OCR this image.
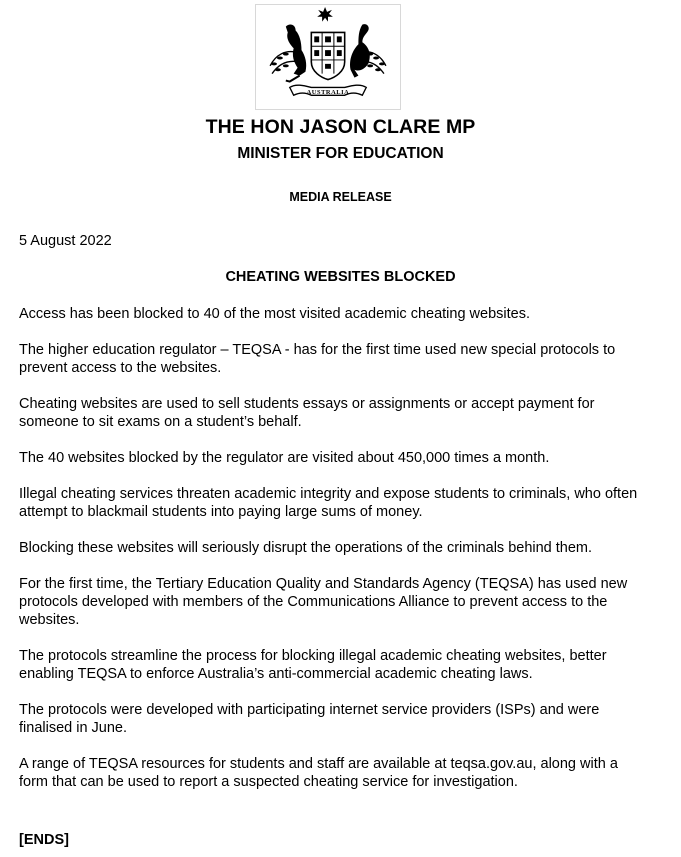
AUSTRALIA
THE HON JASON CLARE MP
MINISTER FOR EDUCATION
MEDIA RELEASE
5 August 2022
CHEATING WEBSITES BLOCKED

Access has been blocked to 40 of the most visited academic cheating websites.

The higher education regulator – TEQSA - has for the first time used new special protocols to prevent access to the websites.

Cheating websites are used to sell students essays or assignments or accept payment for someone to sit exams on a student’s behalf.

The 40 websites blocked by the regulator are visited about 450,000 times a month.

Illegal cheating services threaten academic integrity and expose students to criminals, who often attempt to blackmail students into paying large sums of money.

Blocking these websites will seriously disrupt the operations of the criminals behind them.

For the first time, the Tertiary Education Quality and Standards Agency (TEQSA) has used new protocols developed with members of the Communications Alliance to prevent access to the websites.

The protocols streamline the process for blocking illegal academic cheating websites, better enabling TEQSA to enforce Australia’s anti-commercial academic cheating laws.

The protocols were developed with participating internet service providers (ISPs) and were finalised in June.

A range of TEQSA resources for students and staff are available at teqsa.gov.au, along with a form that can be used to report a suspected cheating service for investigation.

[ENDS]
